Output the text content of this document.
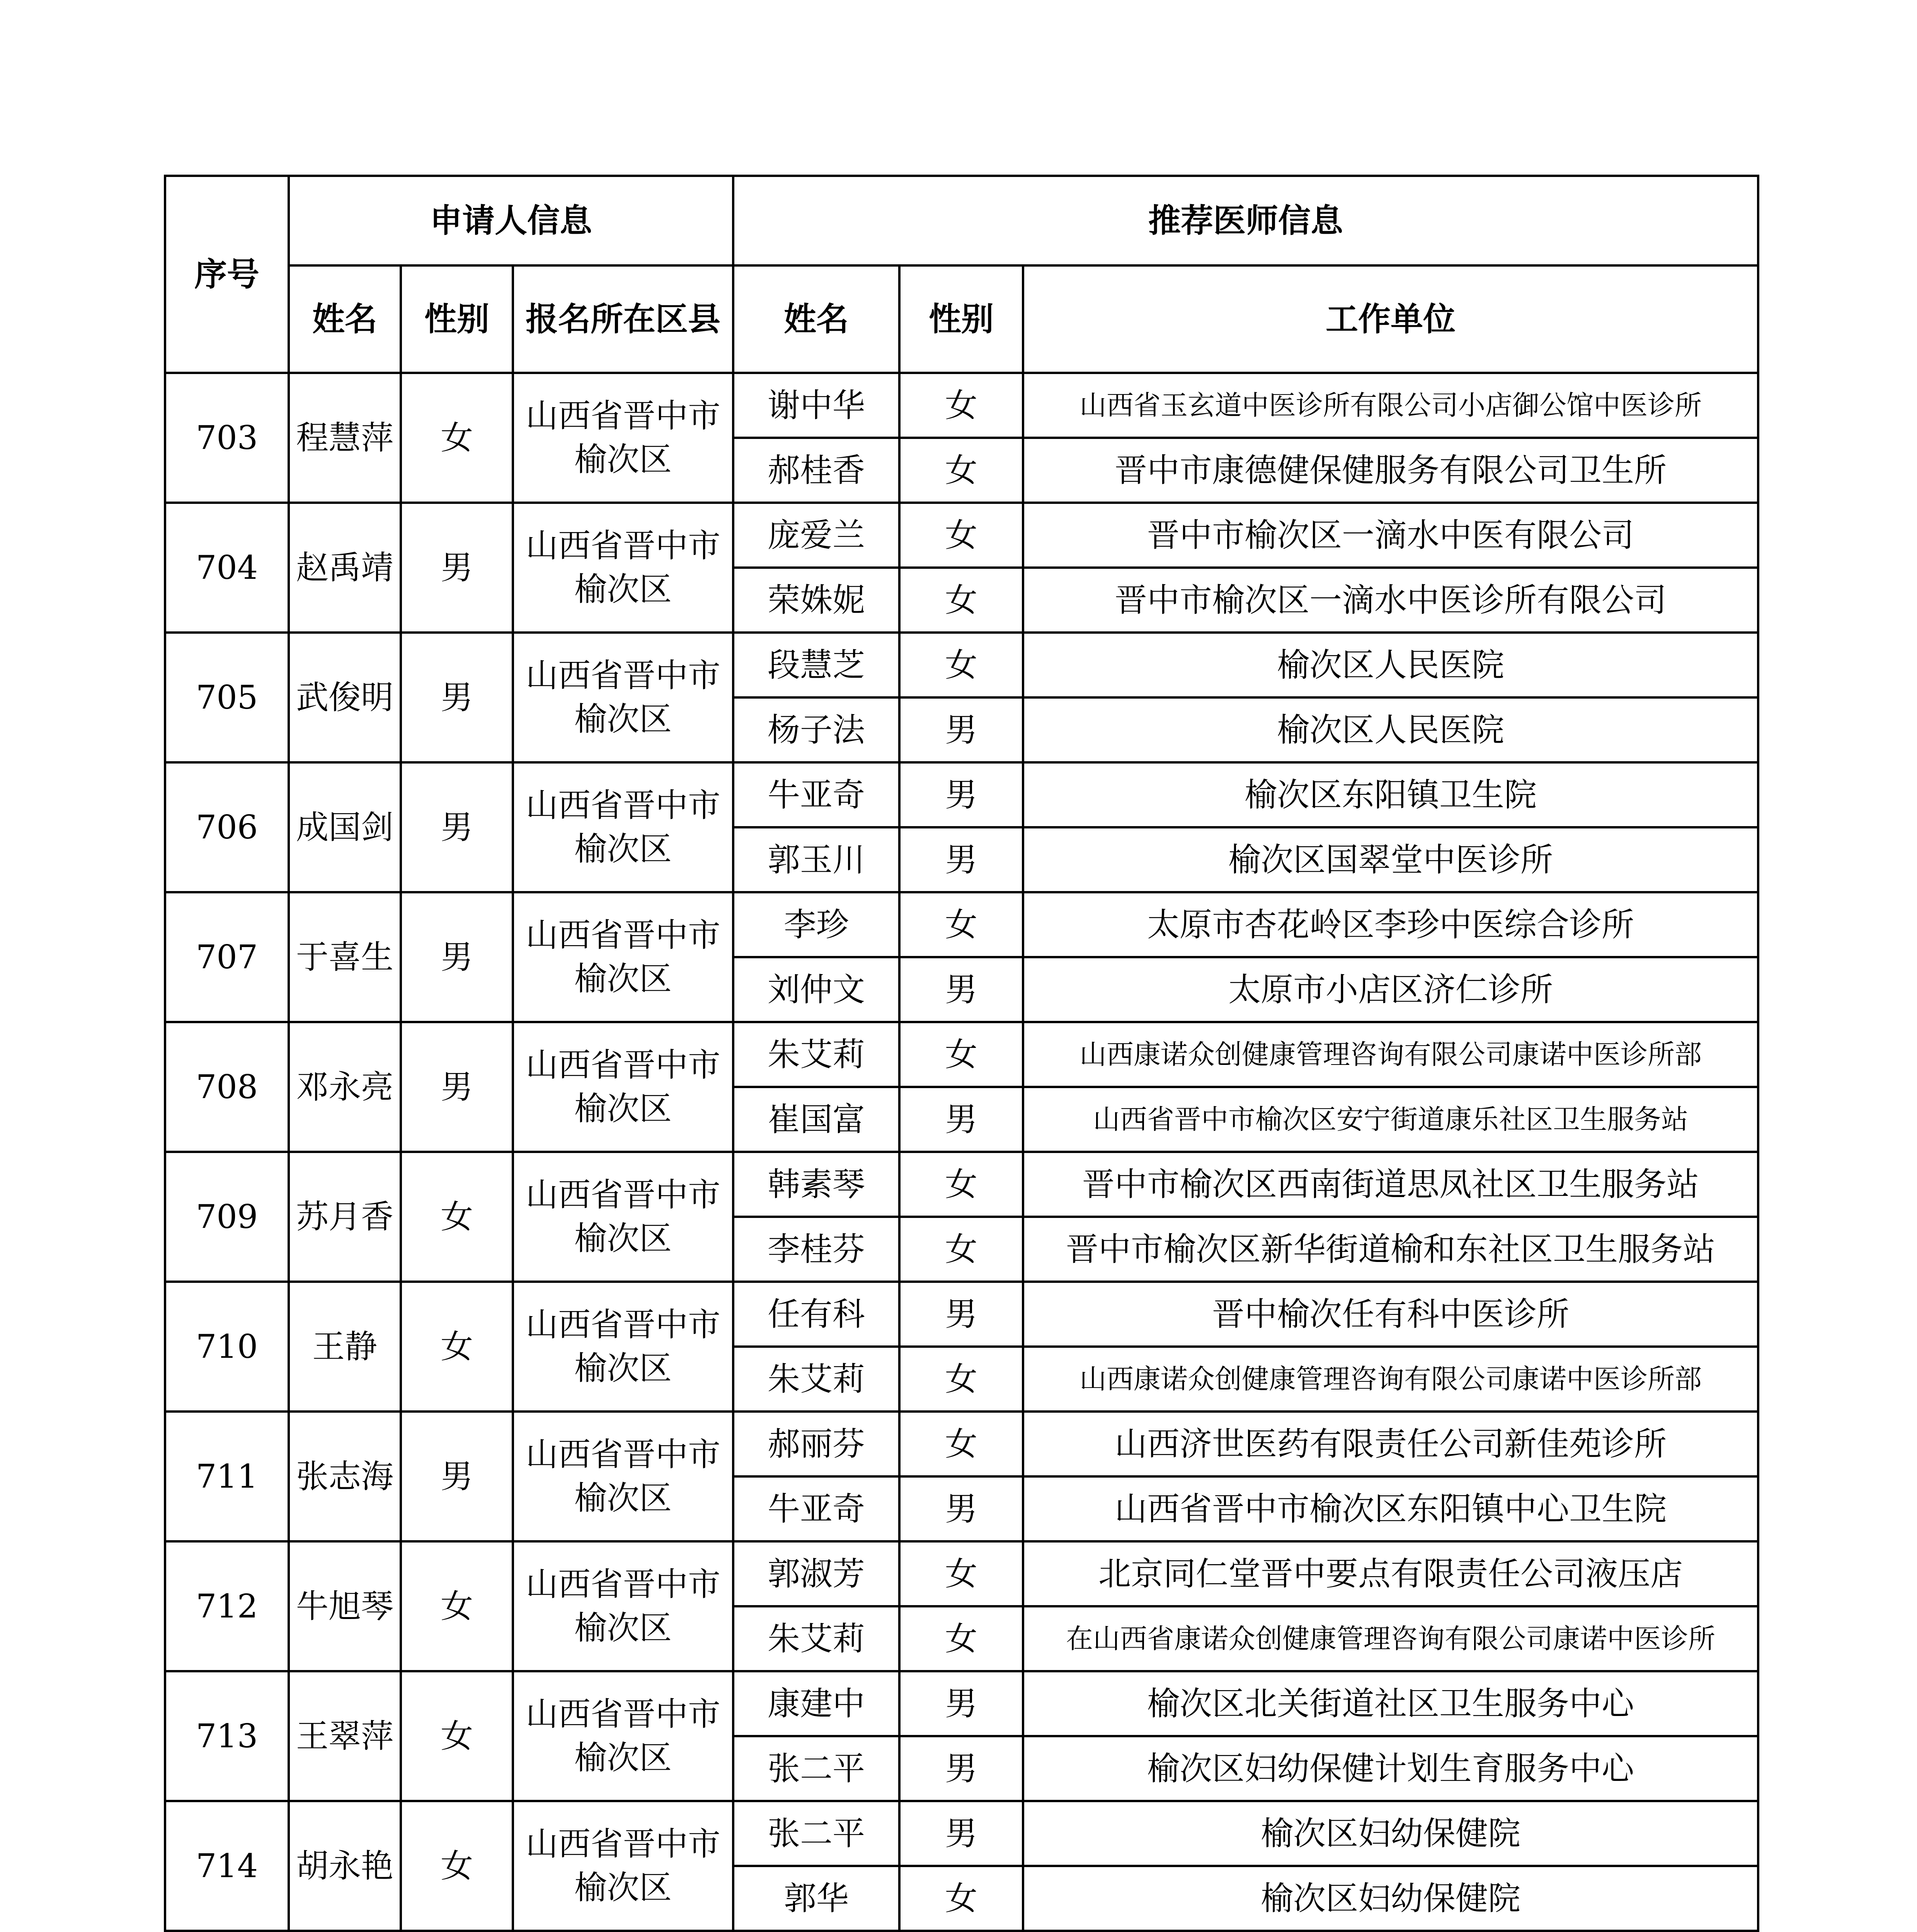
序号	申请人信息			推荐医师信息		
	姓名	性别	报名所在区县	姓名	性别	工作单位
703	程慧萍	女	山西省晋中市榆次区	谢中华	女	山西省玉玄道中医诊所有限公司小店御公馆中医诊所
				郝桂香	女	晋中市康德健保健服务有限公司卫生所
704	赵禹靖	男	山西省晋中市榆次区	庞爱兰	女	晋中市榆次区一滴水中医有限公司
				荣姝妮	女	晋中市榆次区一滴水中医诊所有限公司
705	武俊明	男	山西省晋中市榆次区	段慧芝	女	榆次区人民医院
				杨子法	男	榆次区人民医院
706	成国剑	男	山西省晋中市榆次区	牛亚奇	男	榆次区东阳镇卫生院
				郭玉川	男	榆次区国翠堂中医诊所
707	于喜生	男	山西省晋中市榆次区	李珍	女	太原市杏花岭区李珍中医综合诊所
				刘仲文	男	太原市小店区济仁诊所
708	邓永亮	男	山西省晋中市榆次区	朱艾莉	女	山西康诺众创健康管理咨询有限公司康诺中医诊所部
				崔国富	男	山西省晋中市榆次区安宁街道康乐社区卫生服务站
709	苏月香	女	山西省晋中市榆次区	韩素琴	女	晋中市榆次区西南街道思凤社区卫生服务站
				李桂芬	女	晋中市榆次区新华街道榆和东社区卫生服务站
710	王静	女	山西省晋中市榆次区	任有科	男	晋中榆次任有科中医诊所
				朱艾莉	女	山西康诺众创健康管理咨询有限公司康诺中医诊所部
711	张志海	男	山西省晋中市榆次区	郝丽芬	女	山西济世医药有限责任公司新佳苑诊所
				牛亚奇	男	山西省晋中市榆次区东阳镇中心卫生院
712	牛旭琴	女	山西省晋中市榆次区	郭淑芳	女	北京同仁堂晋中要点有限责任公司液压店
				朱艾莉	女	在山西省康诺众创健康管理咨询有限公司康诺中医诊所
713	王翠萍	女	山西省晋中市榆次区	康建中	男	榆次区北关街道社区卫生服务中心
				张二平	男	榆次区妇幼保健计划生育服务中心
714	胡永艳	女	山西省晋中市榆次区	张二平	男	榆次区妇幼保健院
				郭华	女	榆次区妇幼保健院
